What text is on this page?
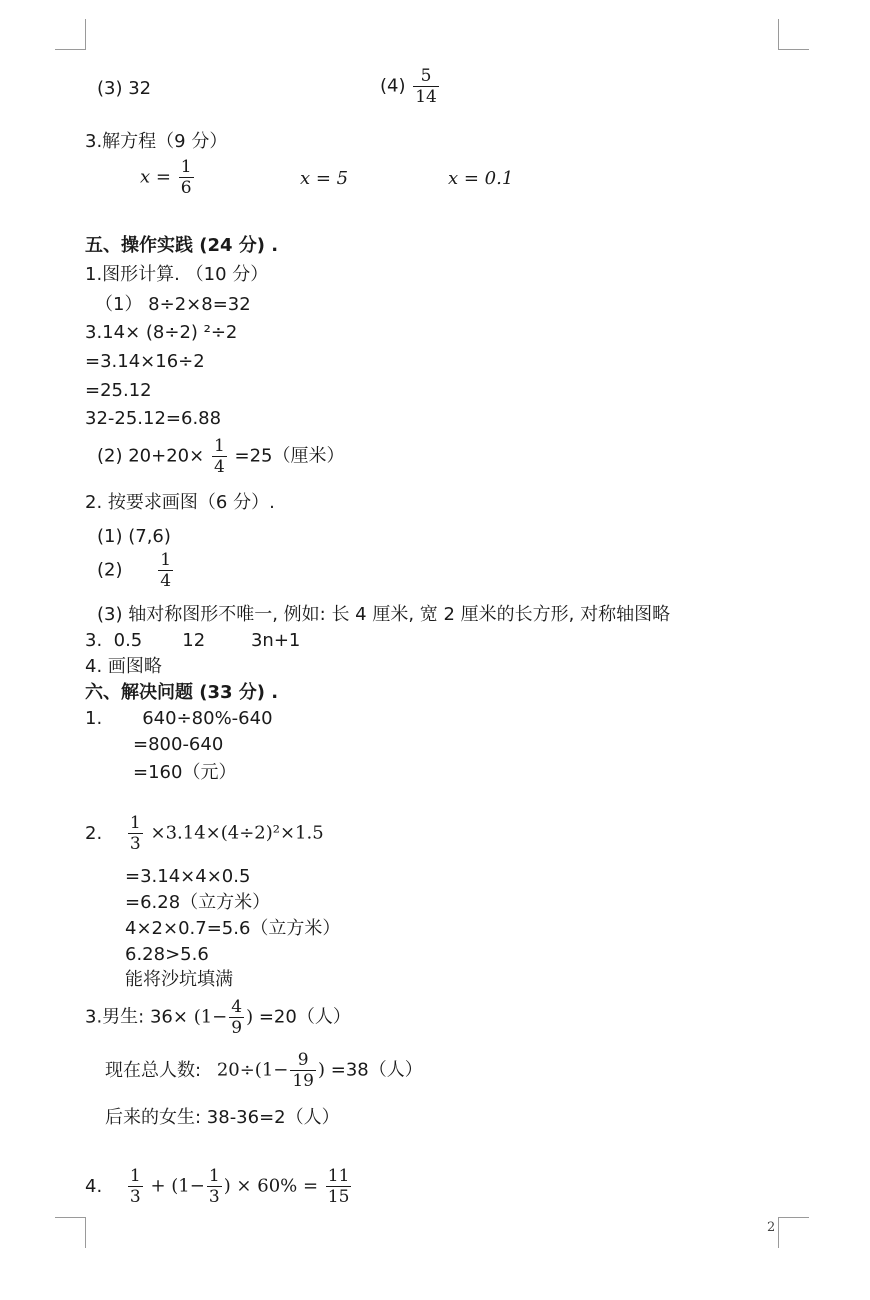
(3) 32	$(4) \frac{5}{14}$
3.解方程（9 分）
$x = \frac{1}{6}$	x = 5	x = 0.1
五、操作实践 (24 分) .
1.图形计算. （10 分）
（1） 8÷2×8=32
3.14× (8÷2) ²÷2
=3.14×16÷2
=25.12
32-25.12=6.88
(2) $20+20\times \frac{1}{4} =25$（厘米）
2. 按要求画图（6 分）.
(1) (7,6)
$(2) \frac{1}{4}$
(3) 轴对称图形不唯一, 例如: 长 4 厘米, 宽 2 厘米的长方形, 对称轴图略
3.  0.5       12        3n+1
4. 画图略
六、解决问题 (33 分) .
1.       640÷80%-640
=800-640
=160（元）
2. $\frac{1}{3} \times 3.14\times(4\div 2)^2\times 1.5$
=3.14×4×0.5
=6.28（立方米）
4×2×0.7=5.6（立方米）
6.28>5.6
能将沙坑填满
3.男生: $36\times (1- \frac{4}{9}$ ) =20（人）
现在总人数: $20\div(1- \frac{9}{19}$ ) =38（人）
后来的女生: 38-36=2（人）
4. $\frac{1}{3} + (1- \frac{1}{3}$ ) × $60\% = \frac{11}{15}$
2
